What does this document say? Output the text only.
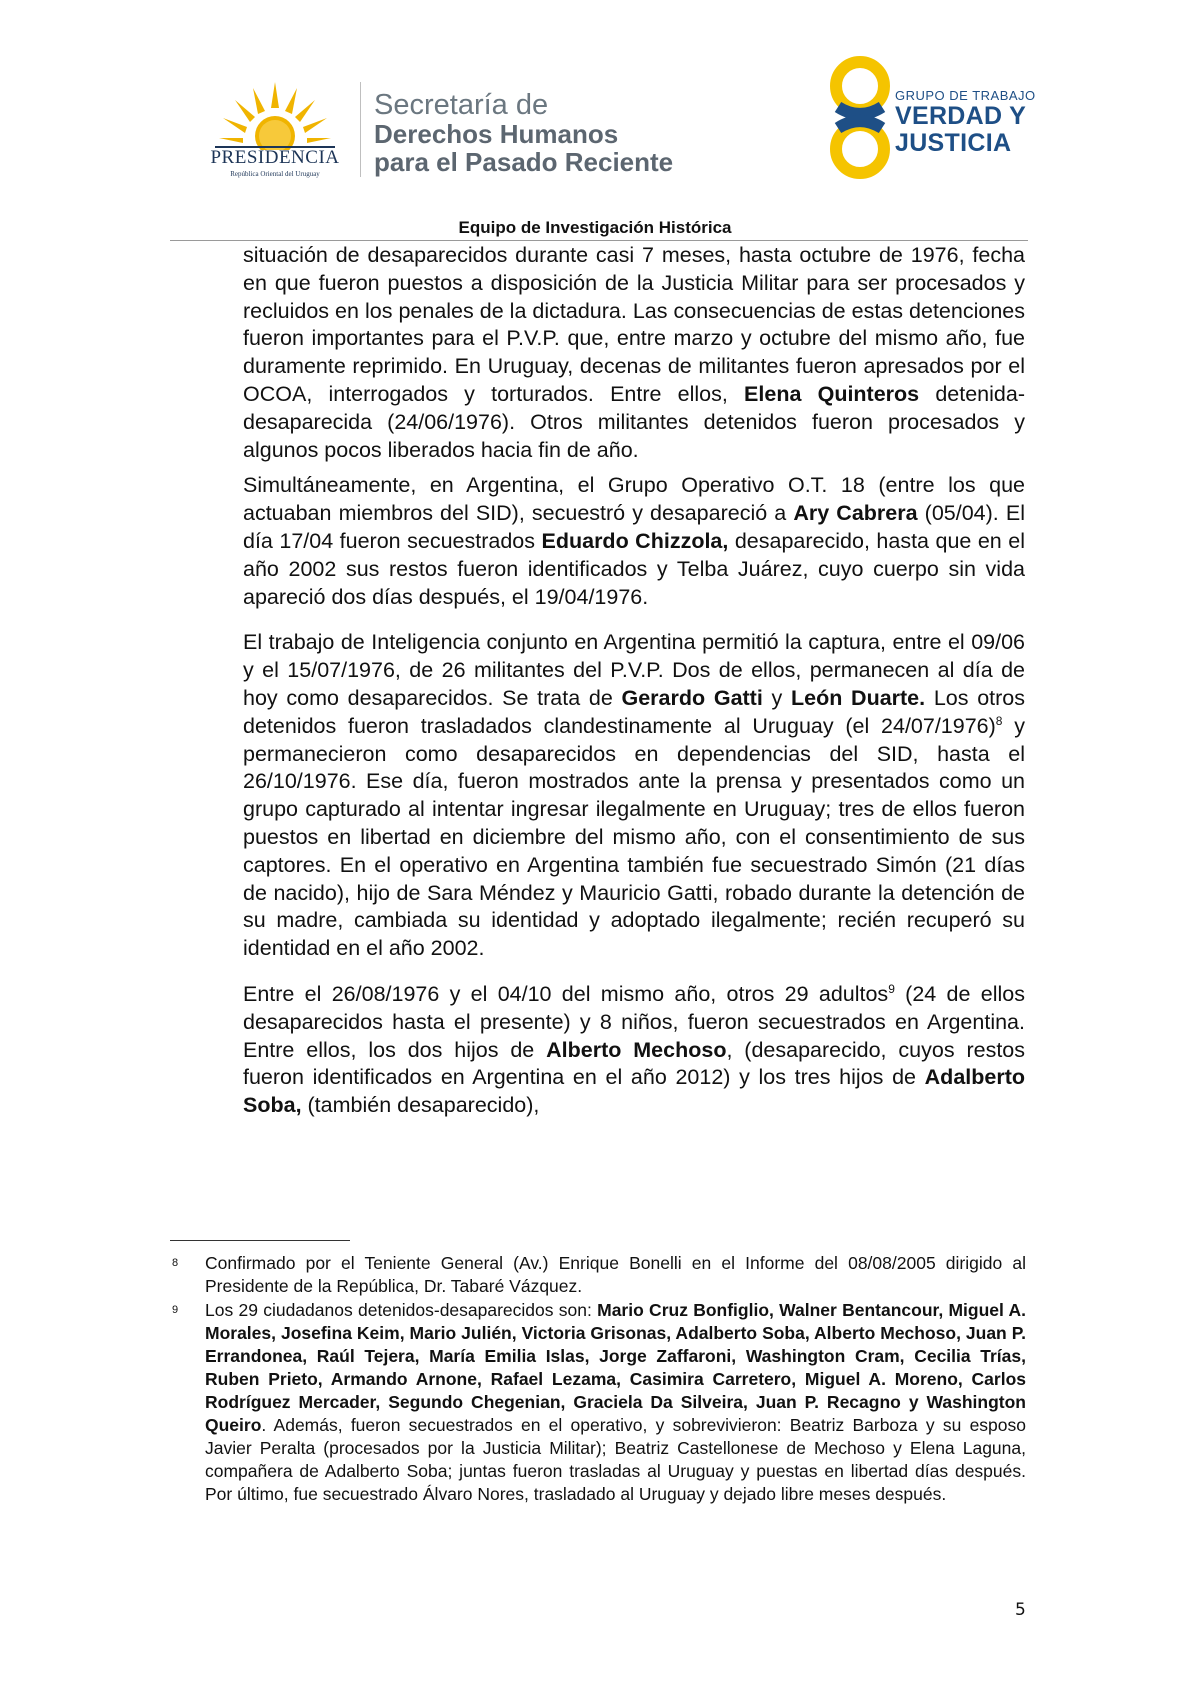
PRESIDENCIA
República Oriental del Uruguay
Secretaría de
Derechos Humanos
para el Pasado Reciente
GRUPO DE TRABAJO
VERDAD Y
JUSTICIA
Equipo de Investigación Histórica

situación de desaparecidos durante casi 7 meses, hasta octubre de 1976, fecha en que fueron puestos a disposición de la Justicia Militar para ser procesados y recluidos en los penales de la dictadura. Las consecuencias de estas detenciones fueron importantes para el P.V.P. que, entre marzo y octubre del mismo año, fue duramente reprimido. En Uruguay, decenas de militantes fueron apresados por el OCOA, interrogados y torturados. Entre ellos, Elena Quinteros detenida-desaparecida (24/06/1976). Otros militantes detenidos fueron procesados y algunos pocos liberados hacia fin de año.

Simultáneamente, en Argentina, el Grupo Operativo O.T. 18 (entre los que actuaban miembros del SID), secuestró y desapareció a Ary Cabrera (05/04). El día 17/04 fueron secuestrados Eduardo Chizzola, desaparecido, hasta que en el año 2002 sus restos fueron identificados y Telba Juárez, cuyo cuerpo sin vida apareció dos días después, el 19/04/1976.

El trabajo de Inteligencia conjunto en Argentina permitió la captura, entre el 09/06 y el 15/07/1976, de 26 militantes del P.V.P. Dos de ellos, permanecen al día de hoy como desaparecidos. Se trata de Gerardo Gatti y León Duarte. Los otros detenidos fueron trasladados clandestinamente al Uruguay (el 24/07/1976)$^8$ y permanecieron como desaparecidos en dependencias del SID, hasta el 26/10/1976. Ese día, fueron mostrados ante la prensa y presentados como un grupo capturado al intentar ingresar ilegalmente en Uruguay; tres de ellos fueron puestos en libertad en diciembre del mismo año, con el consentimiento de sus captores. En el operativo en Argentina también fue secuestrado Simón (21 días de nacido), hijo de Sara Méndez y Mauricio Gatti, robado durante la detención de su madre, cambiada su identidad y adoptado ilegalmente; recién recuperó su identidad en el año 2002.

Entre el 26/08/1976 y el 04/10 del mismo año, otros 29 adultos$^9$ (24 de ellos desaparecidos hasta el presente) y 8 niños, fueron secuestrados en Argentina. Entre ellos, los dos hijos de Alberto Mechoso, (desaparecido, cuyos restos fueron identificados en Argentina en el año 2012) y los tres hijos de Adalberto Soba, (también desaparecido),

8 Confirmado por el Teniente General (Av.) Enrique Bonelli en el Informe del 08/08/2005 dirigido al Presidente de la República, Dr. Tabaré Vázquez.
9 Los 29 ciudadanos detenidos-desaparecidos son: Mario Cruz Bonfiglio, Walner Bentancour, Miguel A. Morales, Josefina Keim, Mario Julién, Victoria Grisonas, Adalberto Soba, Alberto Mechoso, Juan P. Errandonea, Raúl Tejera, María Emilia Islas, Jorge Zaffaroni, Washington Cram, Cecilia Trías, Ruben Prieto, Armando Arnone, Rafael Lezama, Casimira Carretero, Miguel A. Moreno, Carlos Rodríguez Mercader, Segundo Chegenian, Graciela Da Silveira, Juan P. Recagno y Washington Queiro. Además, fueron secuestrados en el operativo, y sobrevivieron: Beatriz Barboza y su esposo Javier Peralta (procesados por la Justicia Militar); Beatriz Castellonese de Mechoso y Elena Laguna, compañera de Adalberto Soba; juntas fueron trasladas al Uruguay y puestas en libertad días después. Por último, fue secuestrado Álvaro Nores, trasladado al Uruguay y dejado libre meses después.
5
